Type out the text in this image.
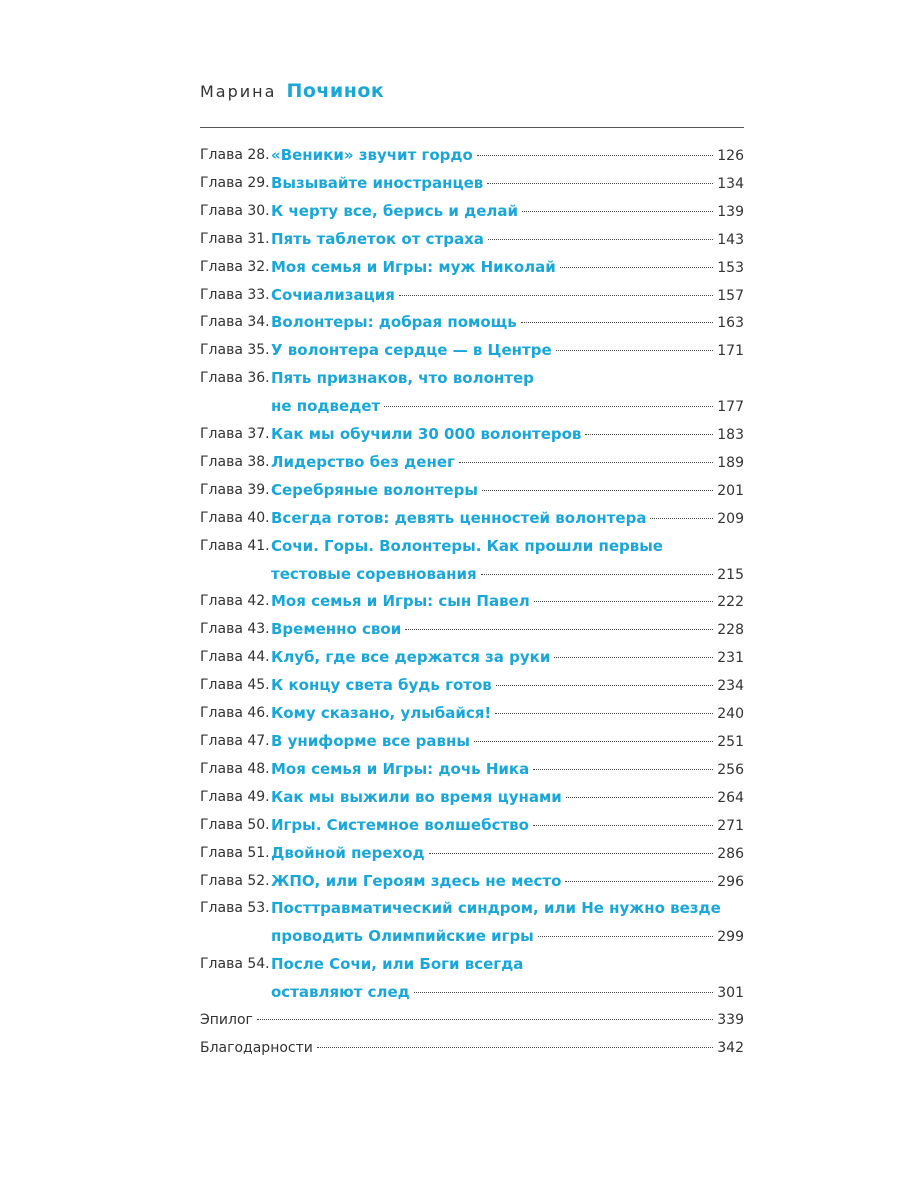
Марина Починок
Глава 28. «Веники» звучит гордо	126
Глава 29. Вызывайте иностранцев	134
Глава 30. К черту все, берись и делай	139
Глава 31. Пять таблеток от страха	143
Глава 32. Моя семья и Игры: муж Николай	153
Глава 33. Сочиализация	157
Глава 34. Волонтеры: добрая помощь	163
Глава 35. У волонтера сердце — в Центре	171
Глава 36. Пять признаков, что волонтер
не подведет	177
Глава 37. Как мы обучили 30 000 волонтеров	183
Глава 38. Лидерство без денег	189
Глава 39. Серебряные волонтеры	201
Глава 40. Всегда готов: девять ценностей волонтера	209
Глава 41. Сочи. Горы. Волонтеры. Как прошли первые
тестовые соревнования	215
Глава 42. Моя семья и Игры: сын Павел	222
Глава 43. Временно свои	228
Глава 44. Клуб, где все держатся за руки	231
Глава 45. К концу света будь готов	234
Глава 46. Кому сказано, улыбайся!	240
Глава 47. В униформе все равны	251
Глава 48. Моя семья и Игры: дочь Ника	256
Глава 49. Как мы выжили во время цунами	264
Глава 50. Игры. Системное волшебство	271
Глава 51. Двойной переход	286
Глава 52. ЖПО, или Героям здесь не место	296
Глава 53. Посттравматический синдром, или Не нужно везде
проводить Олимпийские игры	299
Глава 54. После Сочи, или Боги всегда
оставляют след	301
Эпилог	339
Благодарности	342
